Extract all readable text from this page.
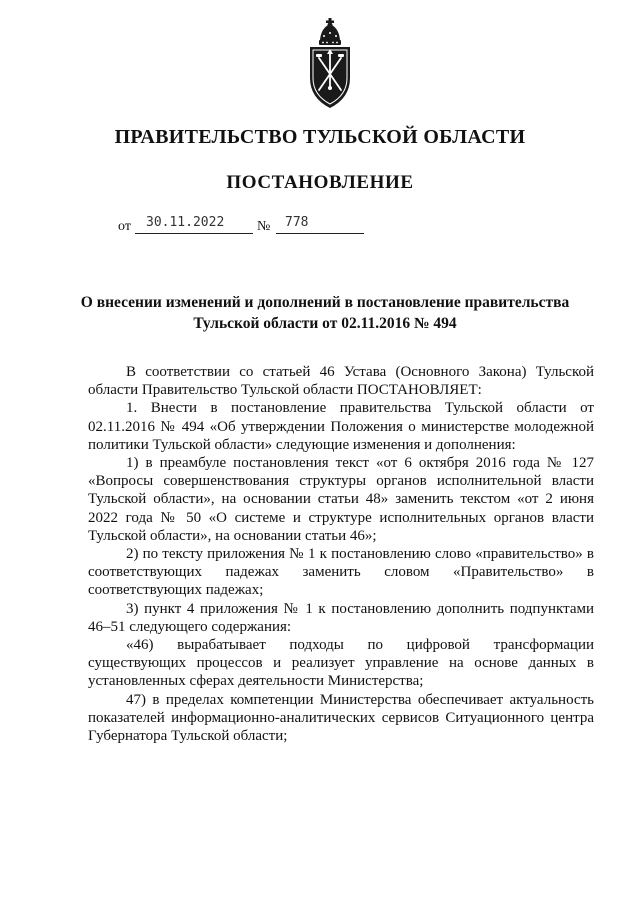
ПРАВИТЕЛЬСТВО ТУЛЬСКОЙ ОБЛАСТИ
ПОСТАНОВЛЕНИЕ
от 30.11.2022 № 778
О внесении изменений и дополнений в постановление правительства Тульской области от 02.11.2016 № 494

В соответствии со статьей 46 Устава (Основного Закона) Тульской области Правительство Тульской области ПОСТАНОВЛЯЕТ:

1. Внести в постановление правительства Тульской области от 02.11.2016 № 494 «Об утверждении Положения о министерстве молодежной политики Тульской области» следующие изменения и дополнения:

1) в преамбуле постановления текст «от 6 октября 2016 года № 127 «Вопросы совершенствования структуры органов исполнительной власти Тульской области», на основании статьи 48» заменить текстом «от 2 июня 2022 года № 50 «О системе и структуре исполнительных органов власти Тульской области», на основании статьи 46»;

2) по тексту приложения № 1 к постановлению слово «правительство» в соответствующих падежах заменить словом «Правительство» в соответствующих падежах;

3) пункт 4 приложения № 1 к постановлению дополнить подпунктами 46–51 следующего содержания:

«46) вырабатывает подходы по цифровой трансформации существующих процессов и реализует управление на основе данных в установленных сферах деятельности Министерства;

47) в пределах компетенции Министерства обеспечивает актуальность показателей информационно-аналитических сервисов Ситуационного центра Губернатора Тульской области;
